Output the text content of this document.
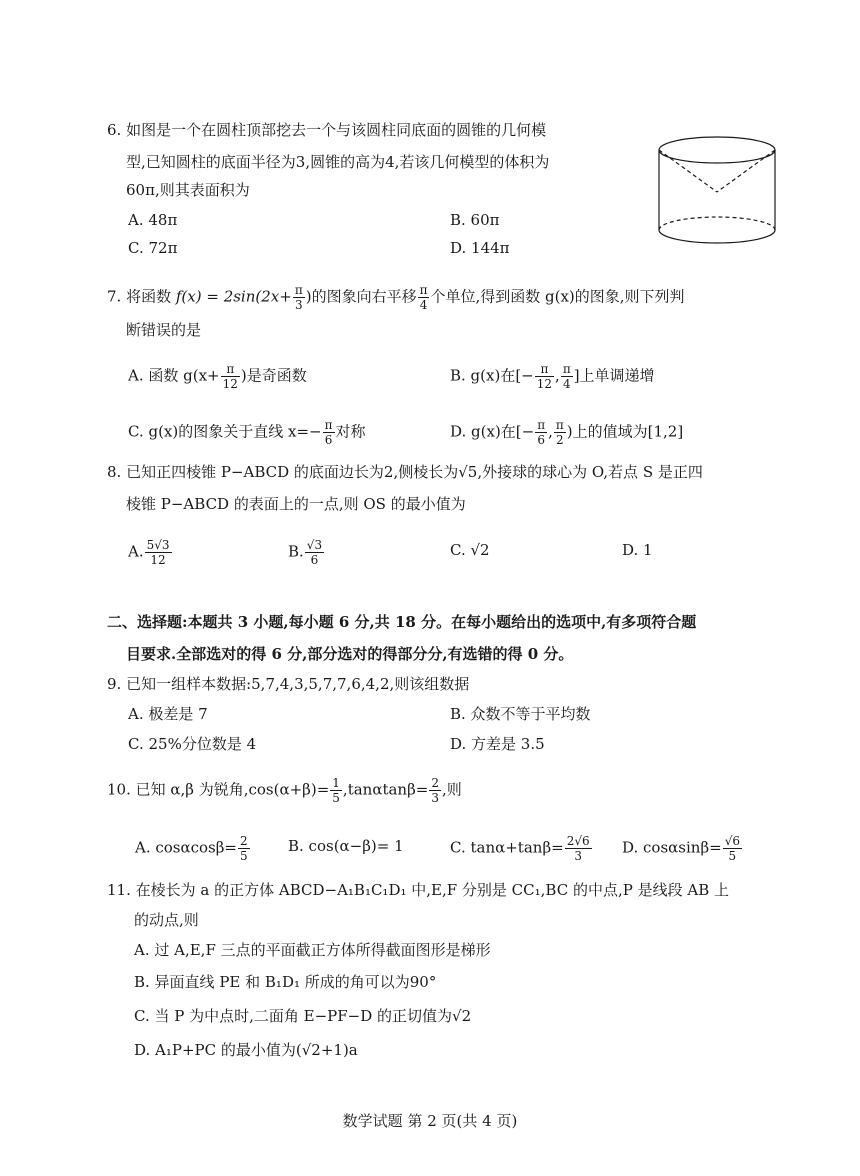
6. 如图是一个在圆柱顶部挖去一个与该圆柱同底面的圆锥的几何模
型,已知圆柱的底面半径为3,圆锥的高为4,若该几何模型的体积为
60π,则其表面积为
A. 48π	B. 60π
C. 72π	D. 144π
7. 将函数 $f(x) = 2\sin(2x+ \frac{\pi}{3}$ )的图象向右平移 $\frac{\pi}{4}$ 个单位,得到函数 g(x)的图象,则下列判
断错误的是
A. 函数 $g(x+ \frac{\pi}{12}$ )是奇函数	B. g(x)在[− $\frac{\pi}{12}$ , $\frac{\pi}{4}$ ]上单调递增
C. g(x)的图象关于直线 $x=- \frac{\pi}{6}$ 对称	D. g(x)在[− $\frac{\pi}{6}$ , $\frac{\pi}{2}$ )上的值域为[1,2]
8. 已知正四棱锥 P−ABCD 的底面边长为2,侧棱长为√5,外接球的球心为 O,若点 S 是正四
棱锥 P−ABCD 的表面上的一点,则 OS 的最小值为
A. $\frac{5√3}{12}$	B. $\frac{√3}{6}$	C. √2	D. 1
二、选择题:本题共 3 小题,每小题 6 分,共 18 分。在每小题给出的选项中,有多项符合题
目要求.全部选对的得 6 分,部分选对的得部分分,有选错的得 0 分。
9. 已知一组样本数据:5,7,4,3,5,7,7,6,4,2,则该组数据
A. 极差是 7	B. 众数不等于平均数
C. 25%分位数是 4	D. 方差是 3.5
10. 已知 α,β 为锐角$,\cos(\alpha+\beta)= \frac{1}{5} ,\tan\alpha\tan\beta= \frac{2}{3}$ ,则
A. $\cos\alpha\cos\beta= \frac{2}{5}$	B. cos(α−β)= 1	C. $\tan\alpha+\tan\beta= \frac{2√6}{3} D$. $\cos\alpha\sin\beta= \frac{√6}{5}$
11. 在棱长为 a 的正方体 ABCD−A₁B₁C₁D₁ 中,E,F 分别是 CC₁,BC 的中点,P 是线段 AB 上
的动点,则
A. 过 A,E,F 三点的平面截正方体所得截面图形是梯形
B. 异面直线 PE 和 B₁D₁ 所成的角可以为90°
C. 当 P 为中点时,二面角 E−PF−D 的正切值为√2
D. A₁P+PC 的最小值为(√2+1)a
数学试题 第 2 页(共 4 页)
